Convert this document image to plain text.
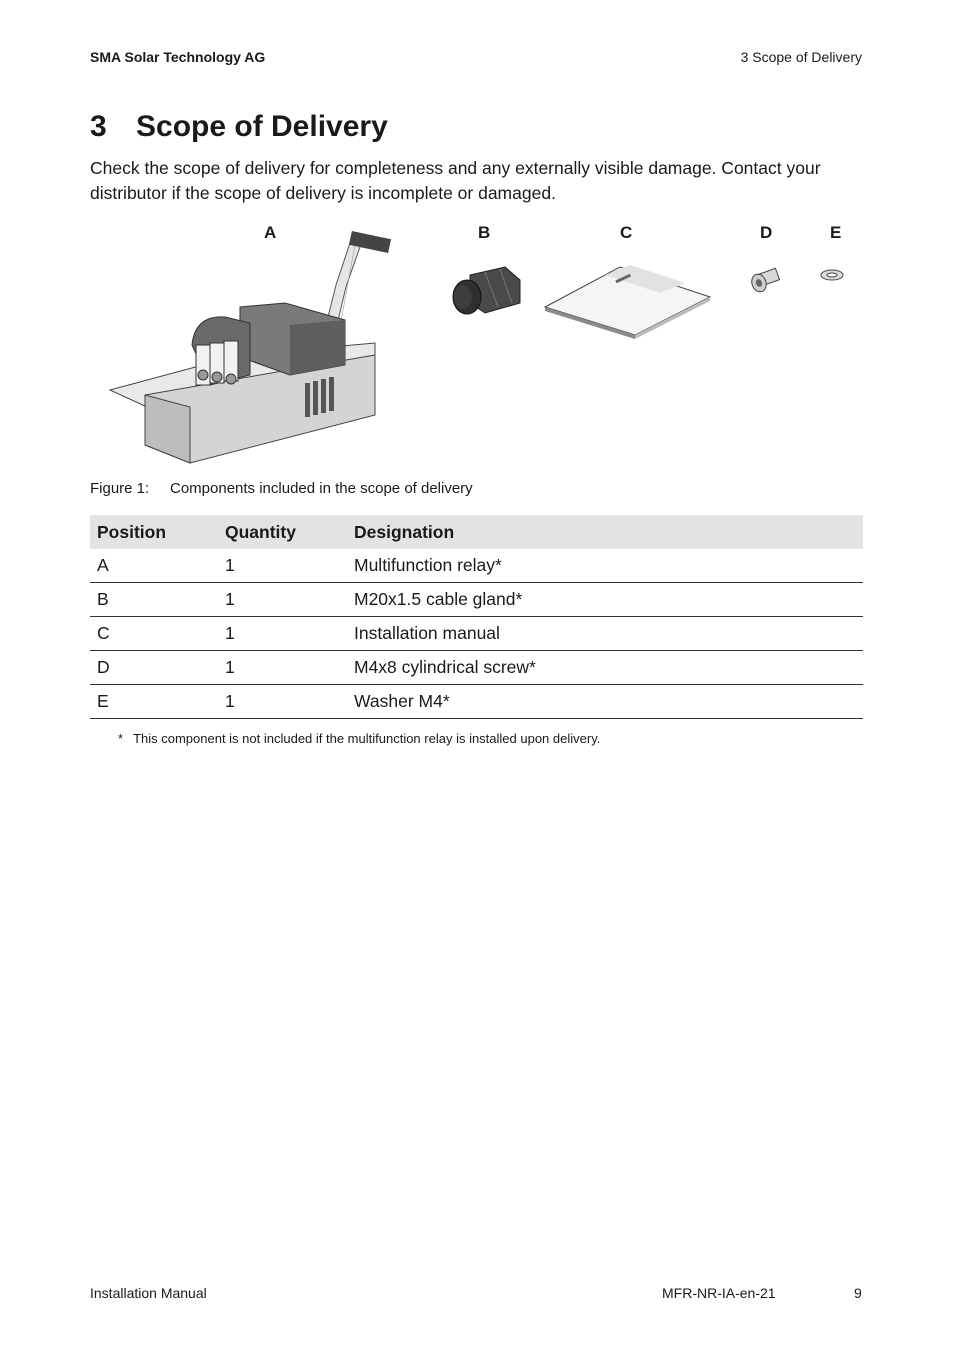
SMA Solar Technology AG	3 Scope of Delivery
3 Scope of Delivery
Check the scope of delivery for completeness and any externally visible damage. Contact your distributor if the scope of delivery is incomplete or damaged.
A	B	C	D	E
Figure 1:	Components included in the scope of delivery
Position	Quantity	Designation
A	1	Multifunction relay*
B	1	M20x1.5 cable gland*
C	1	Installation manual
D	1	M4x8 cylindrical screw*
E	1	Washer M4*
* This component is not included if the multifunction relay is installed upon delivery.
Installation Manual	MFR-NR-IA-en-21	9
